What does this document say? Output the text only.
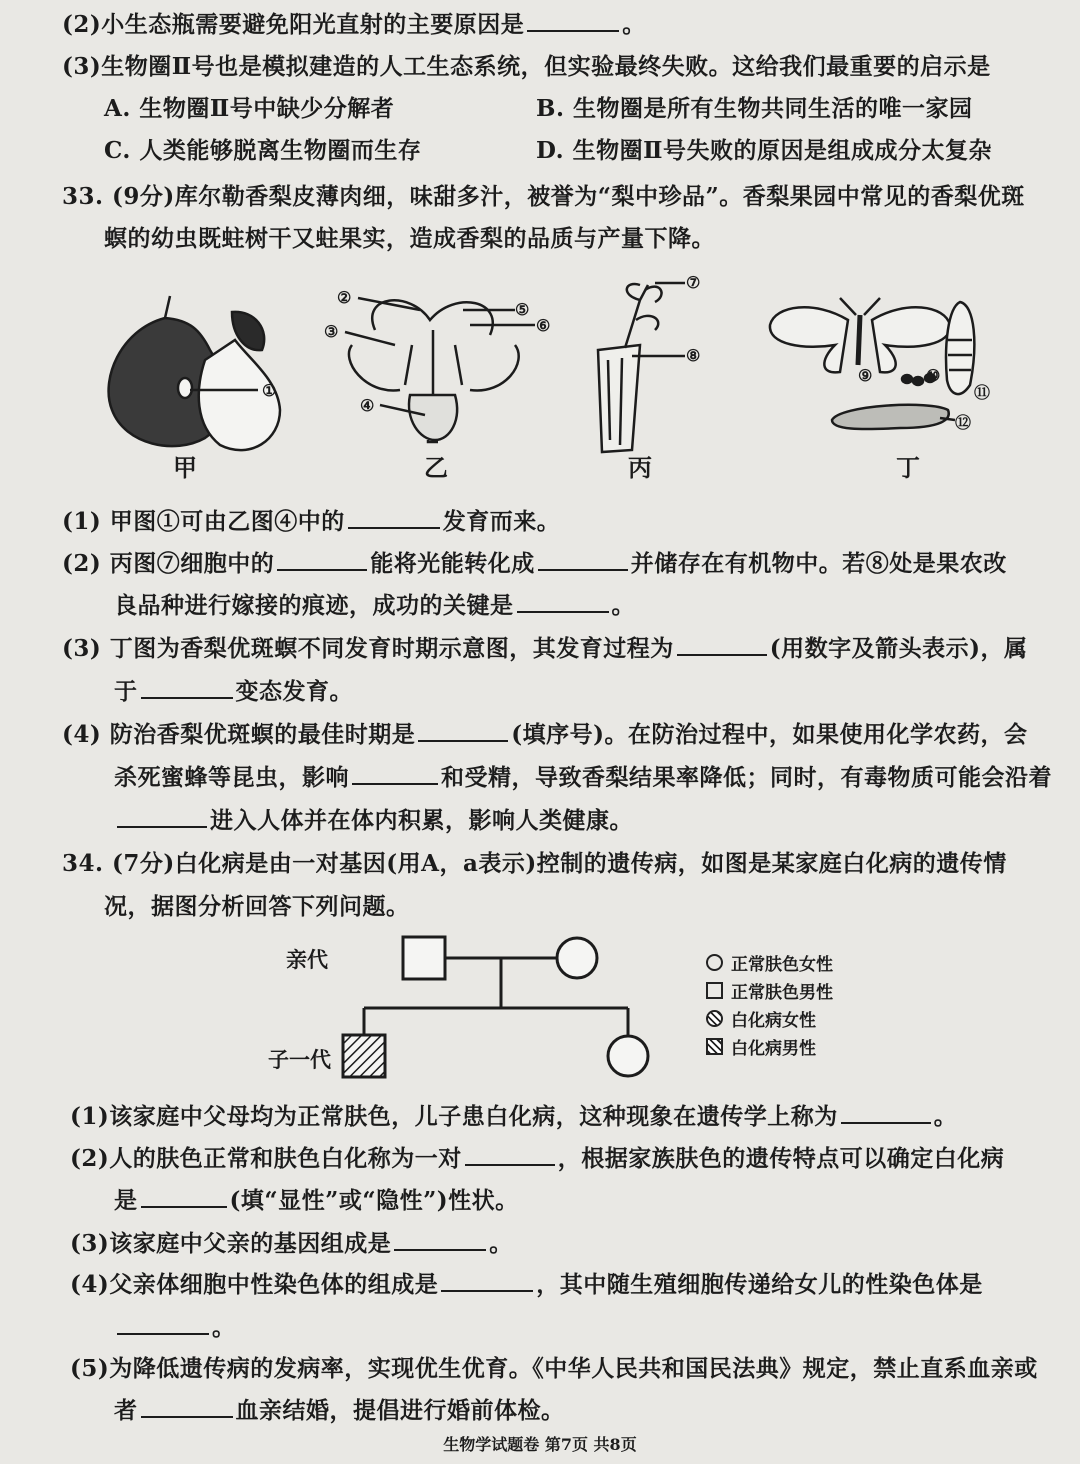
(2)小生态瓶需要避免阳光直射的主要原因是	。
(3)生物圈Ⅱ号也是模拟建造的人工生态系统，但实验最终失败。这给我们最重要的启示是
A. 生物圈Ⅱ号中缺少分解者	B. 生物圈是所有生物共同生活的唯一家园
C. 人类能够脱离生物圈而生存	D. 生物圈Ⅱ号失败的原因是组成成分太复杂
33. (9分)库尔勒香梨皮薄肉细，味甜多汁，被誉为“梨中珍品”。香梨果园中常见的香梨优斑
螟的幼虫既蛀树干又蛀果实，造成香梨的品质与产量下降。
①
②
③
④
⑤
⑥
⑦
⑧
⑨	⑩
⑪
⑫
甲	乙	丙	丁
(1) 甲图①可由乙图④中的	发育而来。
(2) 丙图⑦细胞中的	能将光能转化成	并储存在有机物中。若⑧处是果农改
良品种进行嫁接的痕迹，成功的关键是	。
(3) 丁图为香梨优斑螟不同发育时期示意图，其发育过程为	(用数字及箭头表示)，属
于	变态发育。
(4) 防治香梨优斑螟的最佳时期是	(填序号)。在防治过程中，如果使用化学农药，会
杀死蜜蜂等昆虫，影响	和受精，导致香梨结果率降低；同时，有毒物质可能会沿着
进入人体并在体内积累，影响人类健康。
34. (7分)白化病是由一对基因(用A，a表示)控制的遗传病，如图是某家庭白化病的遗传情
况，据图分析回答下列问题。
亲代
子一代
正常肤色女性
正常肤色男性
白化病女性
白化病男性
(1)该家庭中父母均为正常肤色，儿子患白化病，这种现象在遗传学上称为	。
(2)人的肤色正常和肤色白化称为一对	，根据家族肤色的遗传特点可以确定白化病
是	(填“显性”或“隐性”)性状。
(3)该家庭中父亲的基因组成是	。
(4)父亲体细胞中性染色体的组成是	，其中随生殖细胞传递给女儿的性染色体是
。
(5)为降低遗传病的发病率，实现优生优育。《中华人民共和国民法典》规定，禁止直系血亲或
者	血亲结婚，提倡进行婚前体检。
生物学试题卷 第7页 共8页
